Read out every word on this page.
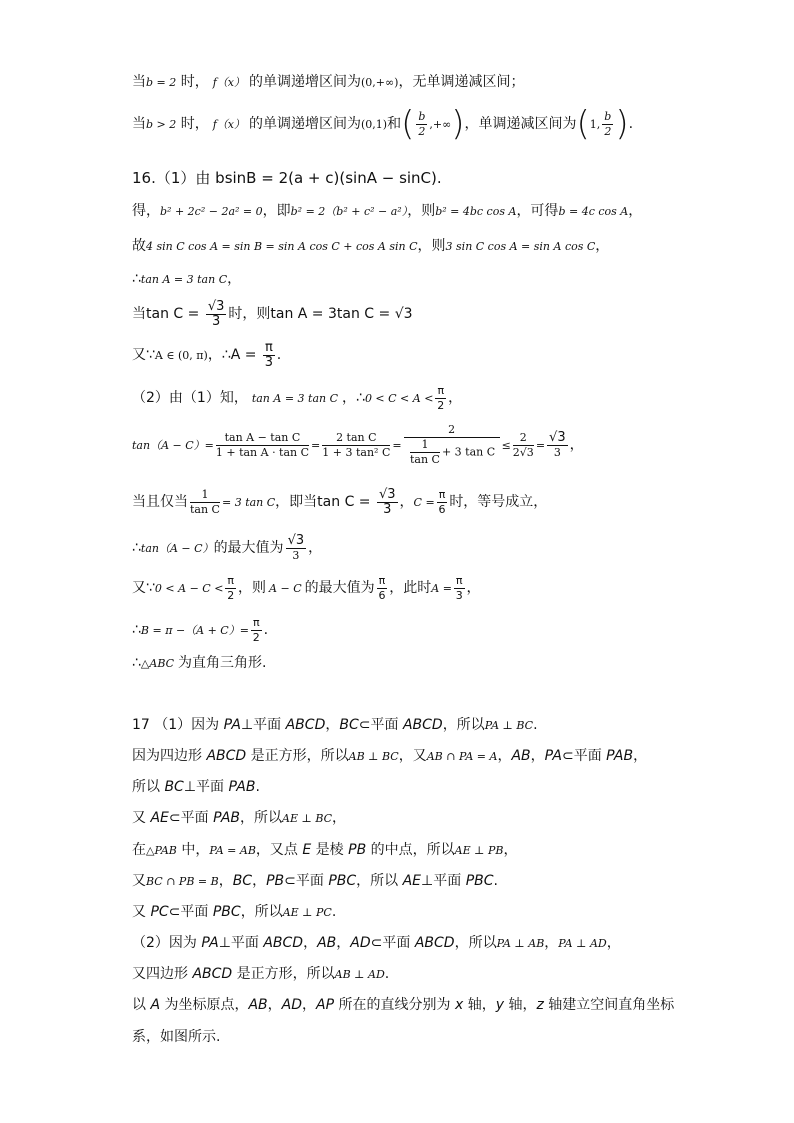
当b = 2 时， f（x） 的单调递增区间为(0,+∞)，无单调递减区间；
当b > 2 时， f（x） 的单调递增区间为(0,1)和( $\frac{b}{2}$ ,+∞)，单调递减区间为(1, $\frac{b}{2}$ ).
16.（1）由 bsinB = 2(a + c)(sinA − sinC).
得，b² + 2c² − 2a² = 0，即b² = 2（b² + c² − a²），则b² = 4bc cos A，可得b = 4c cos A，
故4 sin C cos A = sin B = sin A cos C + cos A sin C，则3 sin C cos A = sin A cos C，
∴tan A = 3 tan C，
当$\tan C = \frac{√3}{3}$ 时，则tan A = 3tan C = √3
又∵A ∈ (0, π)，∴A = $\frac{\pi}{3}$ .
（2）由（1）知， tan A = 3 tan C ，∴0 < $C < A < \frac{\pi}{2}$ ，
$\tan(A - C)= \frac{\text{tan A − tan C}}{\text{1 + tan A · tan C}} = \frac{\text{2 tan C}}{\text{1 + 3 tan² C}} = \frac{2}{\frac{1}{\text{tan C}} + 3 \tan C} \le \frac{2}{2√3} = \frac{√3}{3}$ ，
当且仅当 $\frac{1}{\text{tan C}} = 3$ tan C，即当$\tan C = \frac{√3}{3}$ ，$C = \frac{\pi}{6}$ 时，等号成立，
∴tan（A − C）的最大值为 $\frac{√3}{3}$ ，
又∵0 < $A - C < \frac{\pi}{2}$ ，则 A − C 的最大值为 $\frac{\pi}{6}$ ，此时$A = \frac{\pi}{3}$ ，
∴B = $\pi -(A + C)= \frac{\pi}{2}$ .
∴△ABC 为直角三角形.
17 （1）因为 PA⊥平面 ABCD，BC⊂平面 ABCD，所以PA ⊥ BC.
因为四边形 ABCD 是正方形，所以AB ⊥ BC，又AB ∩ PA = A，AB，PA⊂平面 PAB，
所以 BC⊥平面 PAB.
又 AE⊂平面 PAB，所以AE ⊥ BC，
在△PAB 中，PA = AB，又点 E 是棱 PB 的中点，所以AE ⊥ PB，
又BC ∩ PB = B，BC，PB⊂平面 PBC，所以 AE⊥平面 PBC.
又 PC⊂平面 PBC，所以AE ⊥ PC.
（2）因为 PA⊥平面 ABCD，AB，AD⊂平面 ABCD，所以PA ⊥ AB，PA ⊥ AD，
又四边形 ABCD 是正方形，所以AB ⊥ AD.
以 A 为坐标原点，AB，AD，AP 所在的直线分别为 x 轴，y 轴，z 轴建立空间直角坐标
系，如图所示.
